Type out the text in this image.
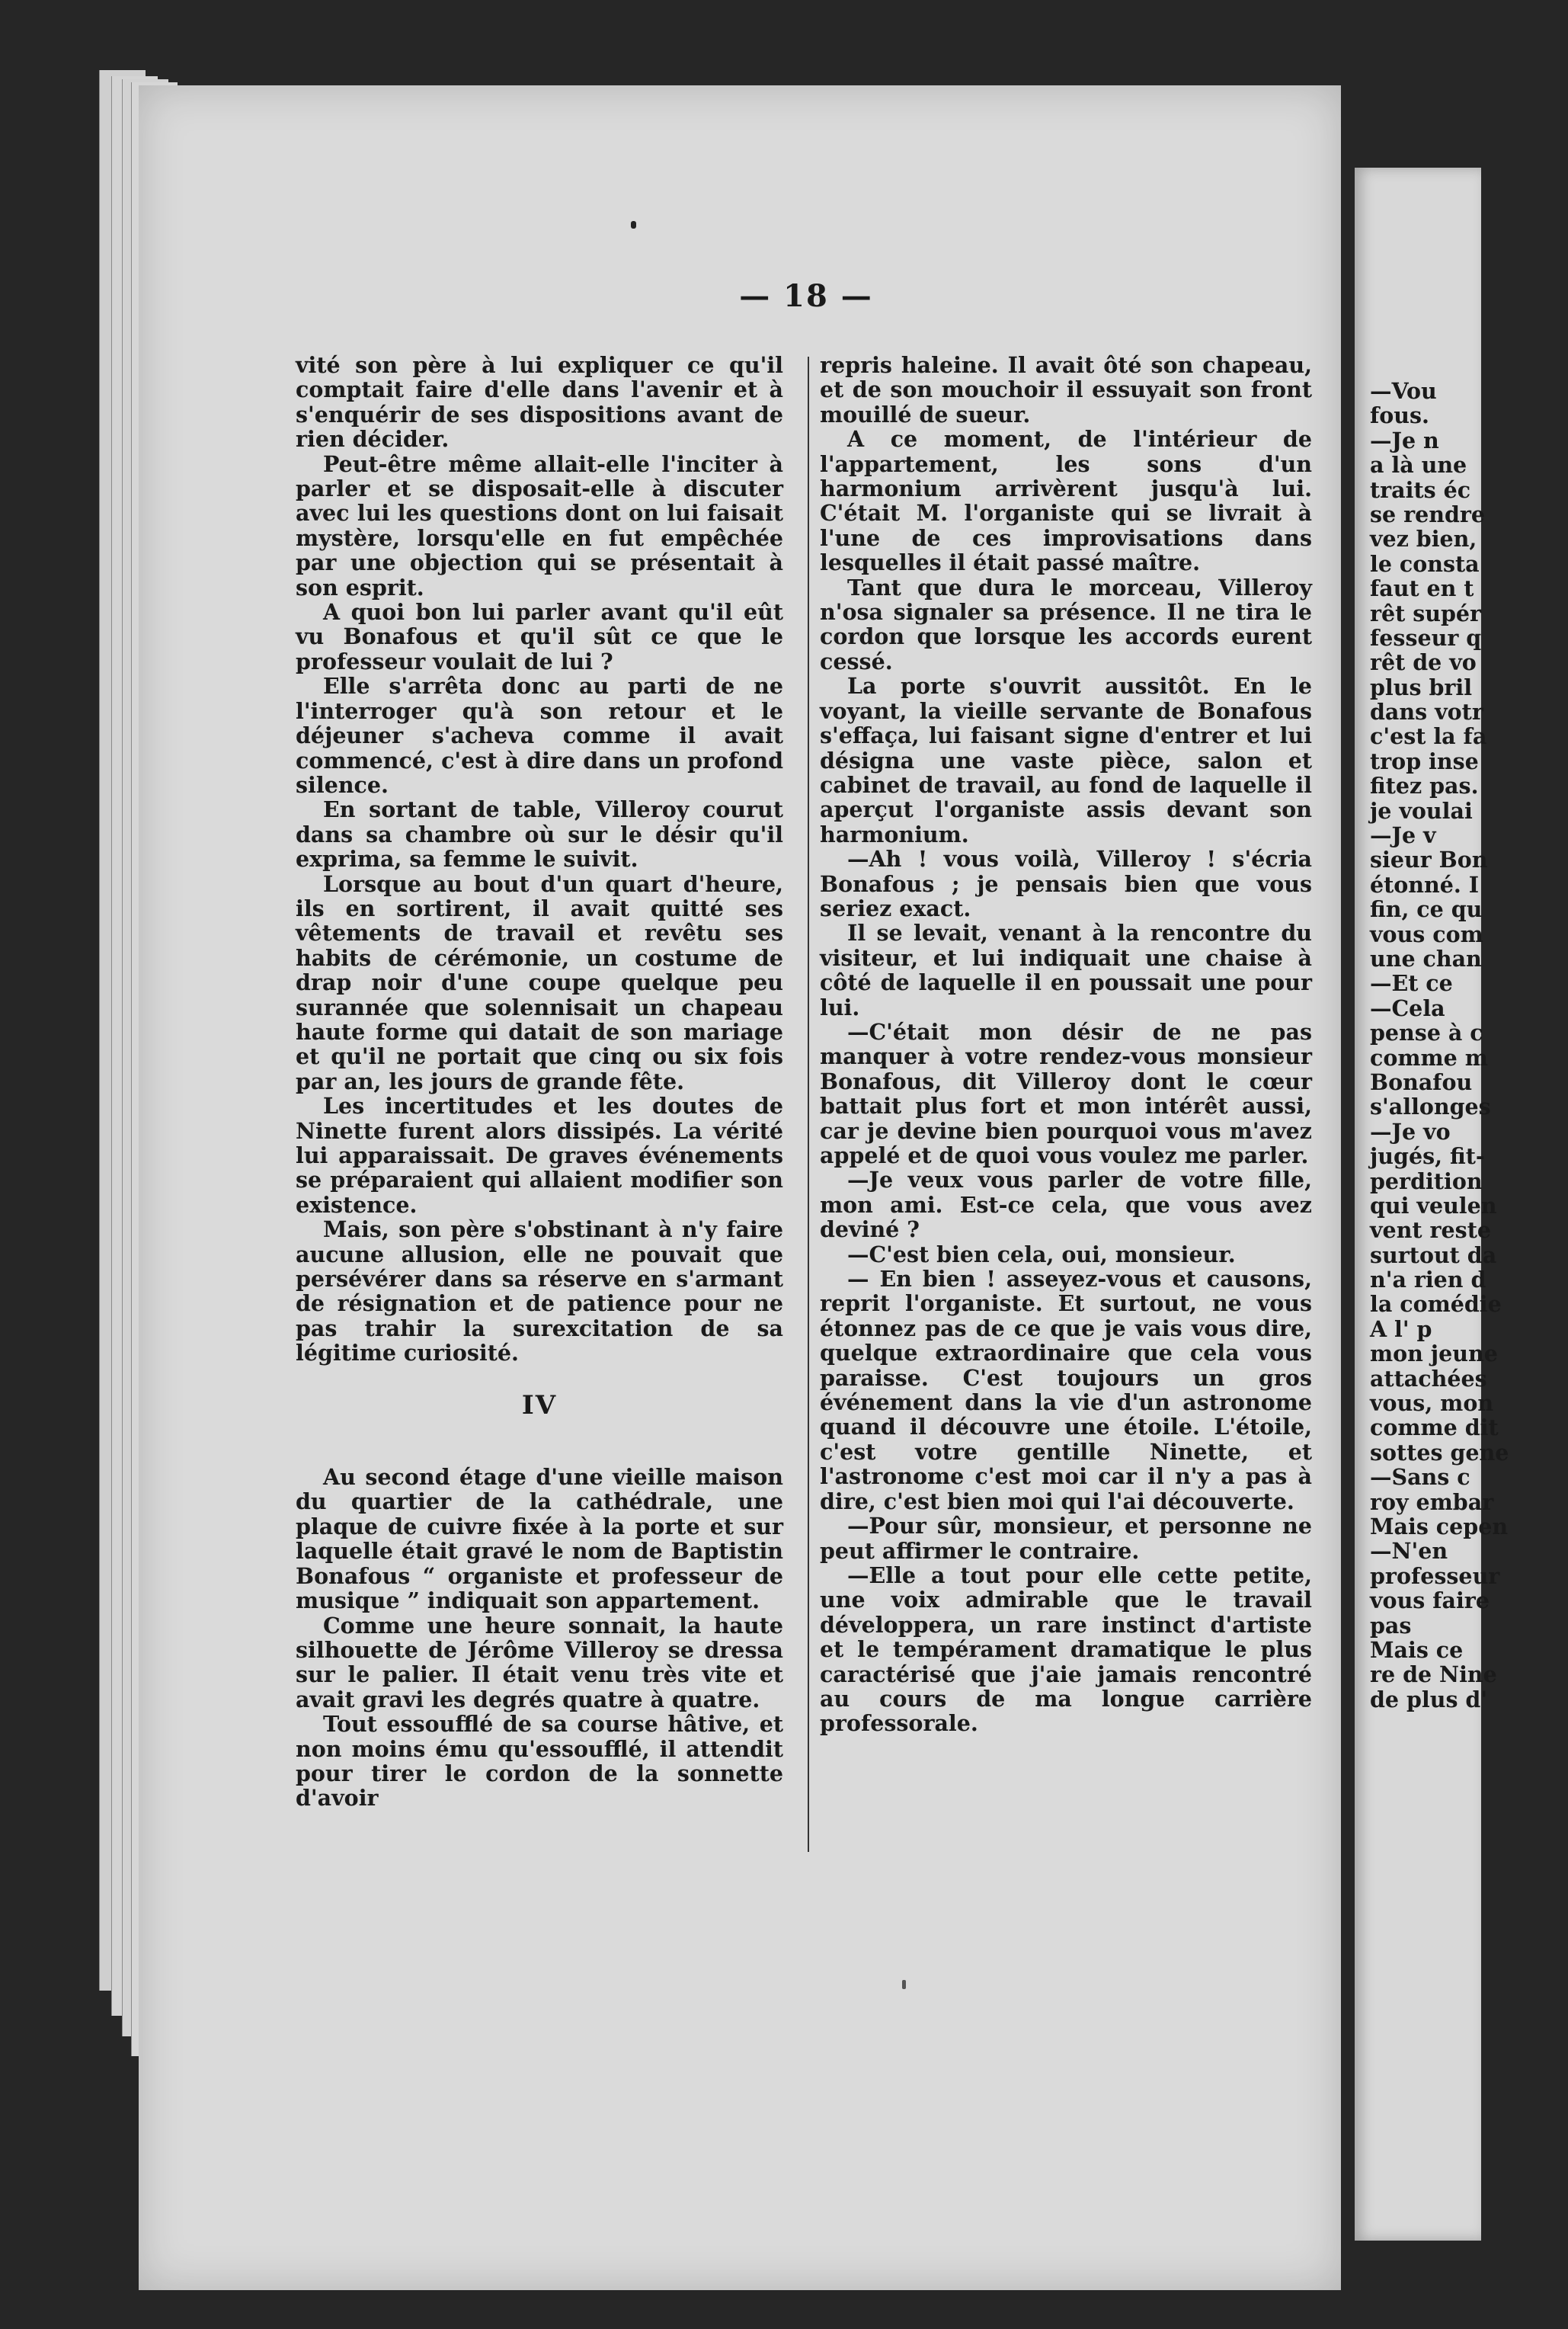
— 18 —

vité son père à lui expliquer ce qu'il comptait faire d'elle dans l'avenir et à s'enquérir de ses dispositions avant de rien décider.

Peut-être même allait-elle l'inciter à parler et se disposait-elle à discuter avec lui les questions dont on lui faisait mystère, lorsqu'elle en fut empêchée par une objection qui se présentait à son esprit.

A quoi bon lui parler avant qu'il eût vu Bonafous et qu'il sût ce que le professeur voulait de lui ?

Elle s'arrêta donc au parti de ne l'interroger qu'à son retour et le déjeuner s'acheva comme il avait commencé, c'est à dire dans un profond silence.

En sortant de table, Villeroy courut dans sa chambre où sur le désir qu'il exprima, sa femme le suivit.

Lorsque au bout d'un quart d'heure, ils en sortirent, il avait quitté ses vêtements de travail et revêtu ses habits de cérémonie, un costume de drap noir d'une coupe quelque peu surannée que solennisait un chapeau haute forme qui datait de son mariage et qu'il ne portait que cinq ou six fois par an, les jours de grande fête.

Les incertitudes et les doutes de Ninette furent alors dissipés. La vérité lui apparaissait. De graves événements se préparaient qui allaient modifier son existence.

Mais, son père s'obstinant à n'y faire aucune allusion, elle ne pouvait que persévérer dans sa réserve en s'armant de résignation et de patience pour ne pas trahir la surexcitation de sa légitime curiosité.

IV

Au second étage d'une vieille maison du quartier de la cathédrale, une plaque de cuivre fixée à la porte et sur laquelle était gravé le nom de Baptistin Bonafous “ organiste et professeur de musique ” indiquait son appartement.

Comme une heure sonnait, la haute silhouette de Jérôme Villeroy se dressa sur le palier. Il était venu très vite et avait gravi les degrés quatre à quatre.

Tout essoufflé de sa course hâtive, et non moins ému qu'essoufflé, il attendit pour tirer le cordon de la sonnette d'avoir

repris haleine. Il avait ôté son chapeau, et de son mouchoir il essuyait son front mouillé de sueur.

A ce moment, de l'intérieur de l'appartement, les sons d'un harmonium arrivèrent jusqu'à lui. C'était M. l'organiste qui se livrait à l'une de ces improvisations dans lesquelles il était passé maître.

Tant que dura le morceau, Villeroy n'osa signaler sa présence. Il ne tira le cordon que lorsque les accords eurent cessé.

La porte s'ouvrit aussitôt. En le voyant, la vieille servante de Bonafous s'effaça, lui faisant signe d'entrer et lui désigna une vaste pièce, salon et cabinet de travail, au fond de laquelle il aperçut l'organiste assis devant son harmonium.

—Ah ! vous voilà, Villeroy ! s'écria Bonafous ; je pensais bien que vous seriez exact.

Il se levait, venant à la rencontre du visiteur, et lui indiquait une chaise à côté de laquelle il en poussait une pour lui.

—C'était mon désir de ne pas manquer à votre rendez-vous monsieur Bonafous, dit Villeroy dont le cœur battait plus fort et mon intérêt aussi, car je devine bien pourquoi vous m'avez appelé et de quoi vous voulez me parler.

—Je veux vous parler de votre fille, mon ami. Est-ce cela, que vous avez deviné ?

—C'est bien cela, oui, monsieur.

— En bien ! asseyez-vous et causons, reprit l'organiste. Et surtout, ne vous étonnez pas de ce que je vais vous dire, quelque extraordinaire que cela vous paraisse. C'est toujours un gros événement dans la vie d'un astronome quand il découvre une étoile. L'étoile, c'est votre gentille Ninette, et l'astronome c'est moi car il n'y a pas à dire, c'est bien moi qui l'ai découverte.

—Pour sûr, monsieur, et personne ne peut affirmer le contraire.

—Elle a tout pour elle cette petite, une voix admirable que le travail développera, un rare instinct d'artiste et le tempérament dramatique le plus caractérisé que j'aie jamais rencontré au cours de ma longue carrière professorale.

—Vou
fous.
—Je n
a là une
traits éc
se rendre
vez bien,
le consta
faut en t
rêt supér
fesseur q
rêt de vo
plus bril
dans votr
c'est la fa
trop inse
fitez pas.
je voulai
—Je v
sieur Bon
étonné. I
fin, ce qu
vous com
une chan
—Et ce
—Cela
pense à c
comme m
Bonafou
s'allonges
—Je vo
jugés, fit-
perdition
qui veulen
vent reste
surtout da
n'a rien d
la comédie
A l' p
mon jeune
attachées
vous, mon
comme dit
sottes gene
—Sans c
roy embar
Mais cepen
—N'en
professeur
vous faire
pas
Mais ce
re de Nine
de plus d'
